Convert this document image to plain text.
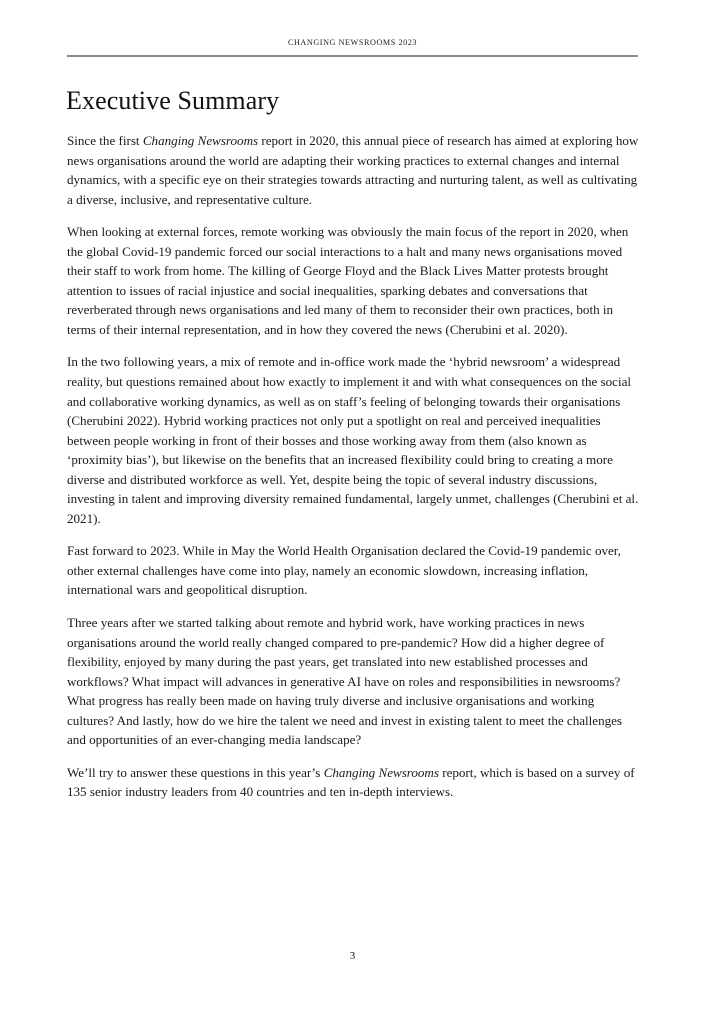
CHANGING NEWSROOMS 2023
Executive Summary

Since the first Changing Newsrooms report in 2020, this annual piece of research has aimed at exploring how news organisations around the world are adapting their working practices to external changes and internal dynamics, with a specific eye on their strategies towards attracting and nurturing talent, as well as cultivating a diverse, inclusive, and representative culture.

When looking at external forces, remote working was obviously the main focus of the report in 2020, when the global Covid-19 pandemic forced our social interactions to a halt and many news organisations moved their staff to work from home. The killing of George Floyd and the Black Lives Matter protests brought attention to issues of racial injustice and social inequalities, sparking debates and conversations that reverberated through news organisations and led many of them to reconsider their own practices, both in terms of their internal representation, and in how they covered the news (Cherubini et al. 2020).

In the two following years, a mix of remote and in-office work made the ‘hybrid newsroom’ a widespread reality, but questions remained about how exactly to implement it and with what consequences on the social and collaborative working dynamics, as well as on staff’s feeling of belonging towards their organisations (Cherubini 2022). Hybrid working practices not only put a spotlight on real and perceived inequalities between people working in front of their bosses and those working away from them (also known as ‘proximity bias’), but likewise on the benefits that an increased flexibility could bring to creating a more diverse and distributed workforce as well. Yet, despite being the topic of several industry discussions, investing in talent and improving diversity remained fundamental, largely unmet, challenges (Cherubini et al. 2021).

Fast forward to 2023. While in May the World Health Organisation declared the Covid-19 pandemic over, other external challenges have come into play, namely an economic slowdown, increasing inflation, international wars and geopolitical disruption.

Three years after we started talking about remote and hybrid work, have working practices in news organisations around the world really changed compared to pre-pandemic? How did a higher degree of flexibility, enjoyed by many during the past years, get translated into new established processes and workflows? What impact will advances in generative AI have on roles and responsibilities in newsrooms? What progress has really been made on having truly diverse and inclusive organisations and working cultures? And lastly, how do we hire the talent we need and invest in existing talent to meet the challenges and opportunities of an ever-changing media landscape?

We’ll try to answer these questions in this year’s Changing Newsrooms report, which is based on a survey of 135 senior industry leaders from 40 countries and ten in-depth interviews.

3
